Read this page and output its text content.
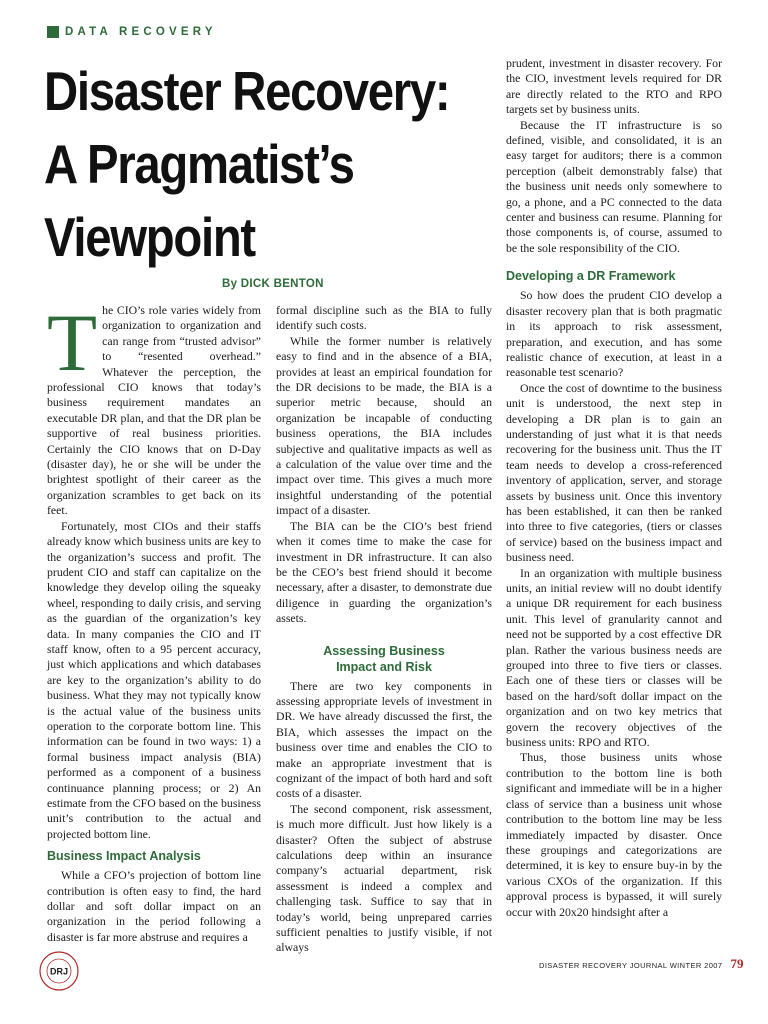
DATA RECOVERY
Disaster Recovery:
A Pragmatist’s
Viewpoint
By DICK BENTON

The CIO’s role varies widely from organization to organization and can range from “trusted advisor” to “resented overhead.” Whatever the perception, the professional CIO knows that today’s business requirement mandates an executable DR plan, and that the DR plan be supportive of real business priorities. Certainly the CIO knows that on D-Day (disaster day), he or she will be under the brightest spotlight of their career as the organization scrambles to get back on its feet.

Fortunately, most CIOs and their staffs already know which business units are key to the organization’s success and profit. The prudent CIO and staff can capitalize on the knowledge they develop oiling the squeaky wheel, responding to daily crisis, and serving as the guardian of the organization’s key data. In many companies the CIO and IT staff know, often to a 95 percent accuracy, just which applications and which databases are key to the organization’s ability to do business. What they may not typically know is the actual value of the business units operation to the corporate bottom line. This information can be found in two ways: 1) a formal business impact analysis (BIA) performed as a component of a business continuance planning process; or 2) An estimate from the CFO based on the business unit’s contribution to the actual and projected bottom line.

Business Impact Analysis

While a CFO’s projection of bottom line contribution is often easy to find, the hard dollar and soft dollar impact on an organization in the period following a disaster is far more abstruse and requires a

formal discipline such as the BIA to fully identify such costs.

While the former number is relatively easy to find and in the absence of a BIA, provides at least an empirical foundation for the DR decisions to be made, the BIA is a superior metric because, should an organization be incapable of conducting business operations, the BIA includes subjective and qualitative impacts as well as a calculation of the value over time and the impact over time. This gives a much more insightful understanding of the potential impact of a disaster.

The BIA can be the CIO’s best friend when it comes time to make the case for investment in DR infrastructure. It can also be the CEO’s best friend should it become necessary, after a disaster, to demonstrate due diligence in guarding the organization’s assets.

Assessing Business
Impact and Risk

There are two key components in assessing appropriate levels of investment in DR. We have already discussed the first, the BIA, which assesses the impact on the business over time and enables the CIO to make an appropriate investment that is cognizant of the impact of both hard and soft costs of a disaster.

The second component, risk assessment, is much more difficult. Just how likely is a disaster? Often the subject of abstruse calculations deep within an insurance company’s actuarial department, risk assessment is indeed a complex and challenging task. Suffice to say that in today’s world, being unprepared carries sufficient penalties to justify visible, if not always

prudent, investment in disaster recovery. For the CIO, investment levels required for DR are directly related to the RTO and RPO targets set by business units.

Because the IT infrastructure is so defined, visible, and consolidated, it is an easy target for auditors; there is a common perception (albeit demonstrably false) that the business unit needs only somewhere to go, a phone, and a PC connected to the data center and business can resume. Planning for those components is, of course, assumed to be the sole responsibility of the CIO.

Developing a DR Framework

So how does the prudent CIO develop a disaster recovery plan that is both pragmatic in its approach to risk assessment, preparation, and execution, and has some realistic chance of execution, at least in a reasonable test scenario?

Once the cost of downtime to the business unit is understood, the next step in developing a DR plan is to gain an understanding of just what it is that needs recovering for the business unit. Thus the IT team needs to develop a cross-referenced inventory of application, server, and storage assets by business unit. Once this inventory has been established, it can then be ranked into three to five categories, (tiers or classes of service) based on the business impact and business need.

In an organization with multiple business units, an initial review will no doubt identify a unique DR requirement for each business unit. This level of granularity cannot and need not be supported by a cost effective DR plan. Rather the various business needs are grouped into three to five tiers or classes. Each one of these tiers or classes will be based on the hard/soft dollar impact on the organization and on two key metrics that govern the recovery objectives of the business units: RPO and RTO.

Thus, those business units whose contribution to the bottom line is both significant and immediate will be in a higher class of service than a business unit whose contribution to the bottom line may be less immediately impacted by disaster. Once these groupings and categorizations are determined, it is key to ensure buy-in by the various CXOs of the organization. If this approval process is bypassed, it will surely occur with 20x20 hindsight after a

DRJ
DISASTER RECOVERY JOURNAL WINTER 2007 79
